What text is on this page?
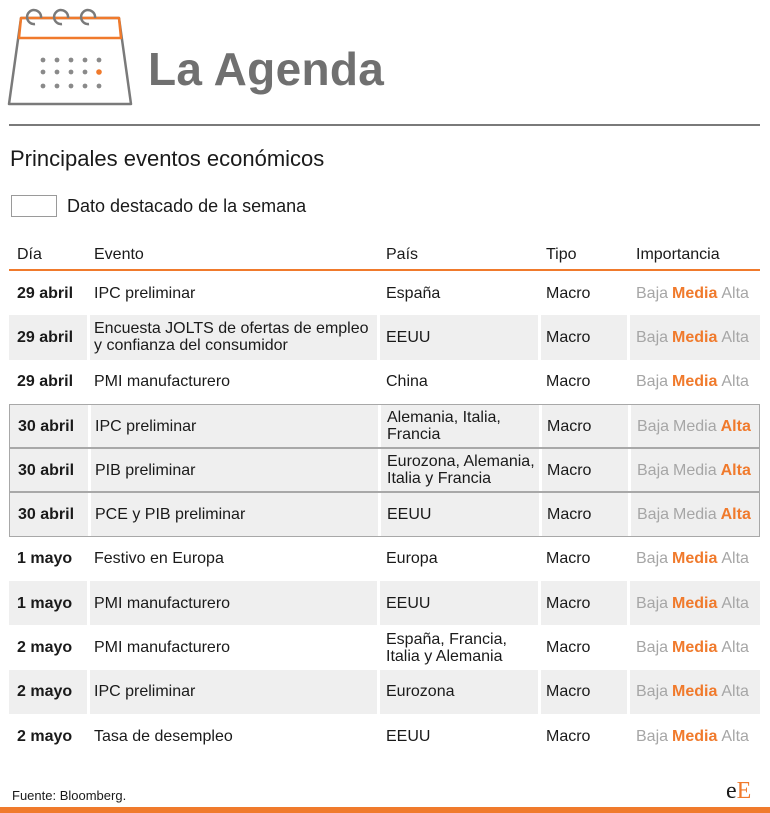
La Agenda
Principales eventos económicos
Dato destacado de la semana
Día	Evento	País	Tipo	Importancia
29 abril	IPC preliminar	España	Macro	Baja Media Alta
29 abril	Encuesta JOLTS de ofertas de empleo y confianza del consumidor	EEUU	Macro	Baja Media Alta
29 abril	PMI manufacturero	China	Macro	Baja Media Alta
30 abril	IPC preliminar	Alemania, Italia, Francia	Macro	Baja Media Alta
30 abril	PIB preliminar	Eurozona, Alemania, Italia y Francia	Macro	Baja Media Alta
30 abril	PCE y PIB preliminar	EEUU	Macro	Baja Media Alta
1 mayo	Festivo en Europa	Europa	Macro	Baja Media Alta
1 mayo	PMI manufacturero	EEUU	Macro	Baja Media Alta
2 mayo	PMI manufacturero	España, Francia, Italia y Alemania	Macro	Baja Media Alta
2 mayo	IPC preliminar	Eurozona	Macro	Baja Media Alta
2 mayo	Tasa de desempleo	EEUU	Macro	Baja Media Alta
Fuente: Bloomberg.	eE
